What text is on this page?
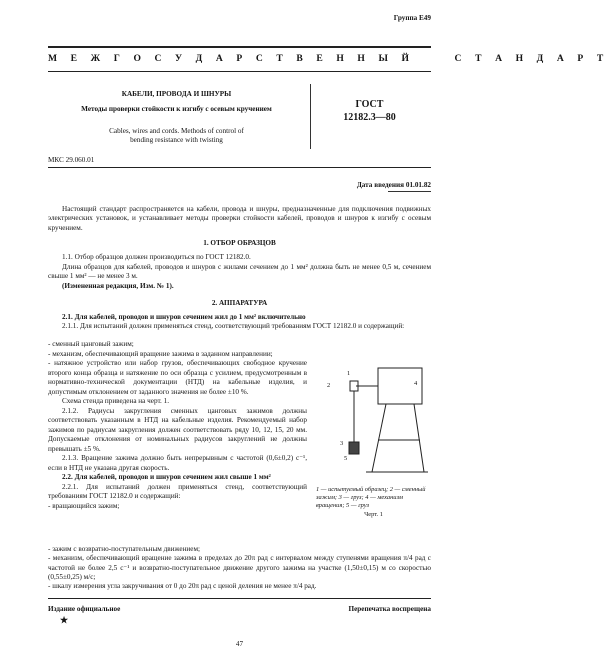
Группа Е49
М Е Ж Г О С У Д А Р С Т В Е Н Н Ы Й     С Т А Н Д А Р Т
КАБЕЛИ, ПРОВОДА И ШНУРЫ
Методы проверки стойкости к изгибу с осевым кручением
Cables, wires and cords. Methods of control of
bending resistance with twisting
ГОСТ
12182.3—80
МКС 29.060.01
Дата введения 01.01.82

Настоящий стандарт распространяется на кабели, провода и шнуры, предназначенные для подключения подвижных электрических установок, и устанавливает методы проверки стойкости кабелей, проводов и шнуров к изгибу с осевым кручением.

1. ОТБОР ОБРАЗЦОВ

1.1. Отбор образцов должен производиться по ГОСТ 12182.0.

Длина образцов для кабелей, проводов и шнуров с жилами сечением до 1 мм² должна быть не менее 0,5 м, сечением свыше 1 мм² — не менее 3 м.

(Измененная редакция, Изм. № 1).

2. АППАРАТУРА

2.1. Для кабелей, проводов и шнуров сечением жил до 1 мм² включительно

2.1.1. Для испытаний должен применяться стенд, соответствующий требованиям ГОСТ 12182.0 и содержащий:

- сменный цанговый зажим;

- механизм, обеспечивающий вращение зажима в заданном направлении;

- натяжное устройство или набор грузов, обеспечивающих свободное кручение второго конца образца и натяжение по оси образца с усилием, предусмотренным в нормативно-технической документации (НТД) на кабельные изделия, и допустимым отклонением от заданного значения не более ±10 %.

Схема стенда приведена на черт. 1.

2.1.2. Радиусы закругления сменных цанговых зажимов должны соответствовать указанным в НТД на кабельные изделия. Рекомендуемый набор зажимов по радиусам закругления должен соответствовать ряду 10, 12, 15, 20 мм. Допускаемые отклонения от номинальных радиусов закруглений не должны превышать ±5 %.

2.1.3. Вращение зажима должно быть непрерывным с частотой (0,6±0,2) с⁻¹, если в НТД не указана другая скорость.

2.2. Для кабелей, проводов и шнуров сечением жил свыше 1 мм²

2.2.1. Для испытаний должен применяться стенд, соответствующий требованиям ГОСТ 12182.0 и содержащий:

- вращающийся зажим;

1
2
3
4
5

1 — испытуемый образец; 2 — сменный зажим; 3 — груз; 4 — механизм вращения; 5 — груз

Черт. 1

- зажим с возвратно-поступательным движением;

- механизм, обеспечивающий вращение зажима в пределах до 20π рад с интервалом между ступенями вращения π/4 рад с частотой не более 2,5 с⁻¹ и возвратно-поступательное движение другого зажима на участке (1,50±0,15) м со скоростью (0,55±0,25) м/с;

- шкалу измерения угла закручивания от 0 до 20π рад с ценой деления не менее π/4 рад.

Издание официальное
★
Перепечатка воспрещена
47
